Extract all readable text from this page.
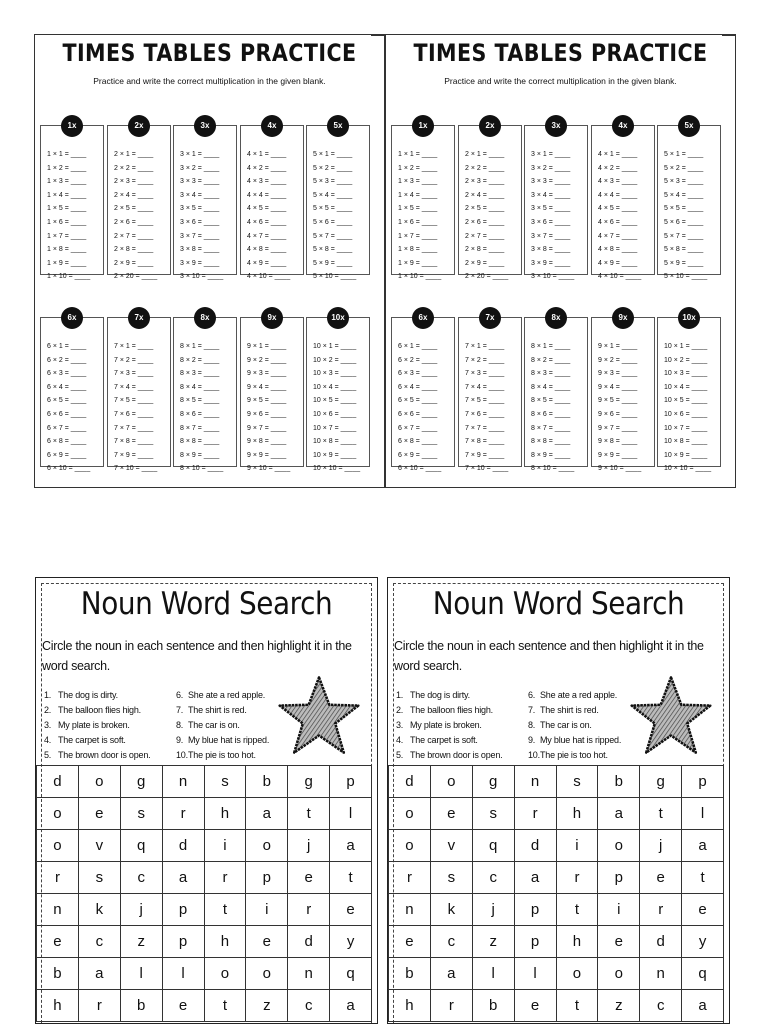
TIMES TABLES PRACTICE
Practice and write the correct multiplication in the given blank.
1x
1 × 1 = ____
1 × 2 = ____
1 × 3 = ____
1 × 4 = ____
1 × 5 = ____
1 × 6 = ____
1 × 7 = ____
1 × 8 = ____
1 × 9 = ____
1 × 10 = ____
2x
2 × 1 = ____
2 × 2 = ____
2 × 3 = ____
2 × 4 = ____
2 × 5 = ____
2 × 6 = ____
2 × 7 = ____
2 × 8 = ____
2 × 9 = ____
2 × 20 = ____
3x
3 × 1 = ____
3 × 2 = ____
3 × 3 = ____
3 × 4 = ____
3 × 5 = ____
3 × 6 = ____
3 × 7 = ____
3 × 8 = ____
3 × 9 = ____
3 × 10 = ____
4x
4 × 1 = ____
4 × 2 = ____
4 × 3 = ____
4 × 4 = ____
4 × 5 = ____
4 × 6 = ____
4 × 7 = ____
4 × 8 = ____
4 × 9 = ____
4 × 10 = ____
5x
5 × 1 = ____
5 × 2 = ____
5 × 3 = ____
5 × 4 = ____
5 × 5 = ____
5 × 6 = ____
5 × 7 = ____
5 × 8 = ____
5 × 9 = ____
5 × 10 = ____
6x
6 × 1 = ____
6 × 2 = ____
6 × 3 = ____
6 × 4 = ____
6 × 5 = ____
6 × 6 = ____
6 × 7 = ____
6 × 8 = ____
6 × 9 = ____
6 × 10 = ____
7x
7 × 1 = ____
7 × 2 = ____
7 × 3 = ____
7 × 4 = ____
7 × 5 = ____
7 × 6 = ____
7 × 7 = ____
7 × 8 = ____
7 × 9 = ____
7 × 10 = ____
8x
8 × 1 = ____
8 × 2 = ____
8 × 3 = ____
8 × 4 = ____
8 × 5 = ____
8 × 6 = ____
8 × 7 = ____
8 × 8 = ____
8 × 9 = ____
8 × 10 = ____
9x
9 × 1 = ____
9 × 2 = ____
9 × 3 = ____
9 × 4 = ____
9 × 5 = ____
9 × 6 = ____
9 × 7 = ____
9 × 8 = ____
9 × 9 = ____
9 × 10 = ____
10x
10 × 1 = ____
10 × 2 = ____
10 × 3 = ____
10 × 4 = ____
10 × 5 = ____
10 × 6 = ____
10 × 7 = ____
10 × 8 = ____
10 × 9 = ____
10 × 10 = ____
TIMES TABLES PRACTICE
Practice and write the correct multiplication in the given blank.
1x
1 × 1 = ____
1 × 2 = ____
1 × 3 = ____
1 × 4 = ____
1 × 5 = ____
1 × 6 = ____
1 × 7 = ____
1 × 8 = ____
1 × 9 = ____
1 × 10 = ____
2x
2 × 1 = ____
2 × 2 = ____
2 × 3 = ____
2 × 4 = ____
2 × 5 = ____
2 × 6 = ____
2 × 7 = ____
2 × 8 = ____
2 × 9 = ____
2 × 20 = ____
3x
3 × 1 = ____
3 × 2 = ____
3 × 3 = ____
3 × 4 = ____
3 × 5 = ____
3 × 6 = ____
3 × 7 = ____
3 × 8 = ____
3 × 9 = ____
3 × 10 = ____
4x
4 × 1 = ____
4 × 2 = ____
4 × 3 = ____
4 × 4 = ____
4 × 5 = ____
4 × 6 = ____
4 × 7 = ____
4 × 8 = ____
4 × 9 = ____
4 × 10 = ____
5x
5 × 1 = ____
5 × 2 = ____
5 × 3 = ____
5 × 4 = ____
5 × 5 = ____
5 × 6 = ____
5 × 7 = ____
5 × 8 = ____
5 × 9 = ____
5 × 10 = ____
6x
6 × 1 = ____
6 × 2 = ____
6 × 3 = ____
6 × 4 = ____
6 × 5 = ____
6 × 6 = ____
6 × 7 = ____
6 × 8 = ____
6 × 9 = ____
6 × 10 = ____
7x
7 × 1 = ____
7 × 2 = ____
7 × 3 = ____
7 × 4 = ____
7 × 5 = ____
7 × 6 = ____
7 × 7 = ____
7 × 8 = ____
7 × 9 = ____
7 × 10 = ____
8x
8 × 1 = ____
8 × 2 = ____
8 × 3 = ____
8 × 4 = ____
8 × 5 = ____
8 × 6 = ____
8 × 7 = ____
8 × 8 = ____
8 × 9 = ____
8 × 10 = ____
9x
9 × 1 = ____
9 × 2 = ____
9 × 3 = ____
9 × 4 = ____
9 × 5 = ____
9 × 6 = ____
9 × 7 = ____
9 × 8 = ____
9 × 9 = ____
9 × 10 = ____
10x
10 × 1 = ____
10 × 2 = ____
10 × 3 = ____
10 × 4 = ____
10 × 5 = ____
10 × 6 = ____
10 × 7 = ____
10 × 8 = ____
10 × 9 = ____
10 × 10 = ____
Noun Word Search
Circle the noun in each sentence and then highlight it in the word search.
1. The dog is dirty.
2. The balloon flies high.
3. My plate is broken.
4. The carpet is soft.
5. The brown door is open.
6. She ate a red apple.
7. The shirt is red.
8. The car is on.
9. My blue hat is ripped.
10.The pie is too hot.
d	o	g	n	s	b	g	p
o	e	s	r	h	a	t	l
o	v	q	d	i	o	j	a
r	s	c	a	r	p	e	t
n	k	j	p	t	i	r	e
e	c	z	p	h	e	d	y
b	a	l	l	o	o	n	q
h	r	b	e	t	z	c	a
Noun Word Search
Circle the noun in each sentence and then highlight it in the word search.
1. The dog is dirty.
2. The balloon flies high.
3. My plate is broken.
4. The carpet is soft.
5. The brown door is open.
6. She ate a red apple.
7. The shirt is red.
8. The car is on.
9. My blue hat is ripped.
10.The pie is too hot.
d	o	g	n	s	b	g	p
o	e	s	r	h	a	t	l
o	v	q	d	i	o	j	a
r	s	c	a	r	p	e	t
n	k	j	p	t	i	r	e
e	c	z	p	h	e	d	y
b	a	l	l	o	o	n	q
h	r	b	e	t	z	c	a
